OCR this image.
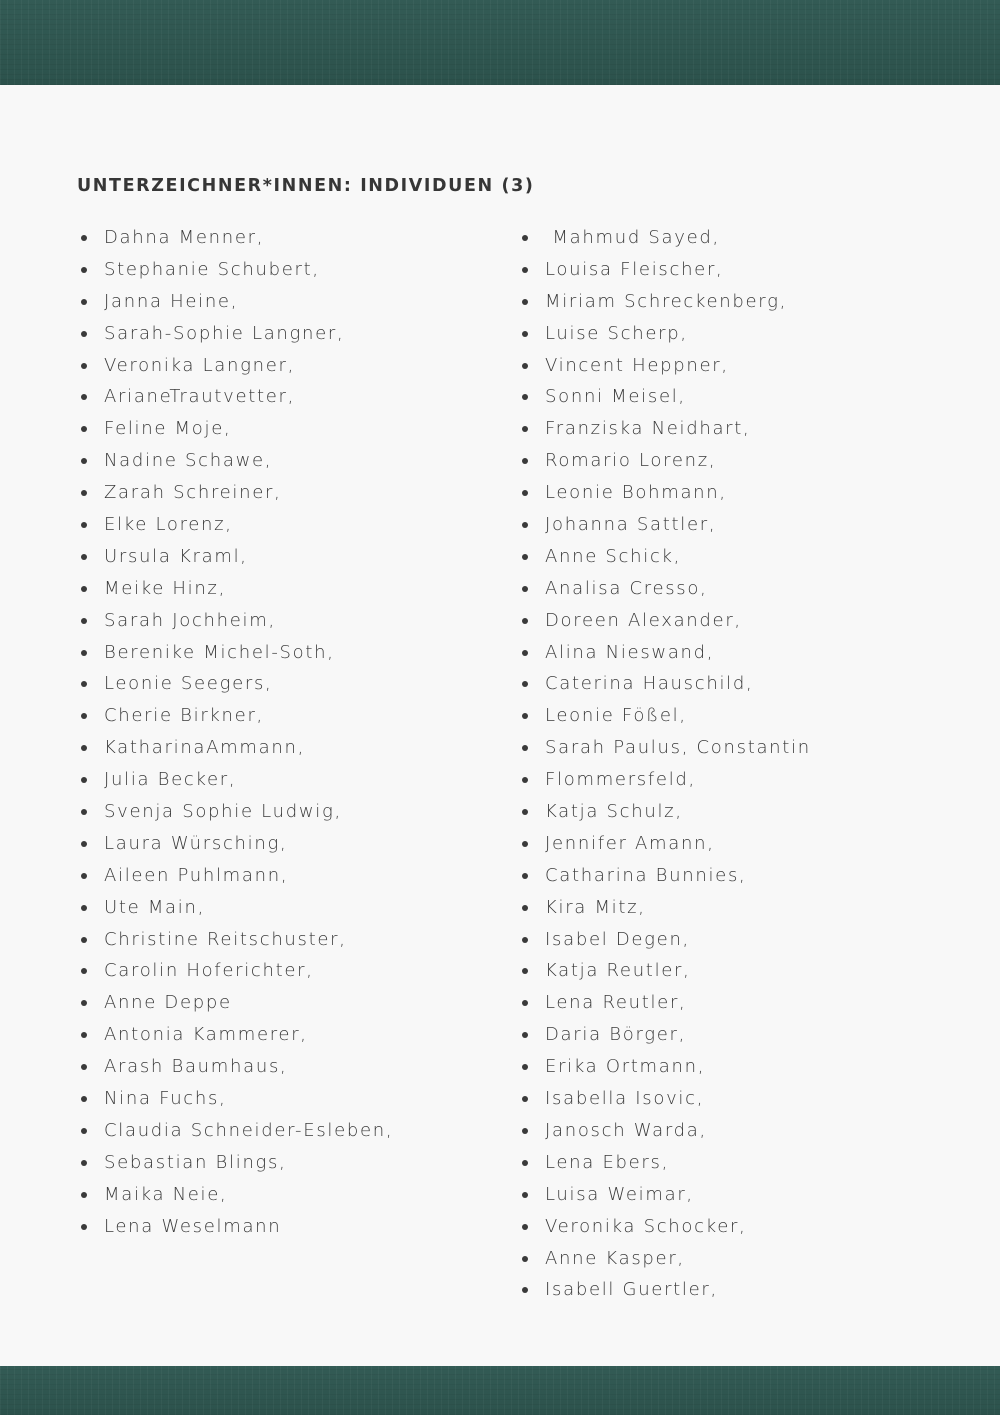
UNTERZEICHNER*INNEN: INDIVIDUEN (3)
Dahna Menner,
Stephanie Schubert,
Janna Heine,
Sarah-Sophie Langner,
Veronika Langner,
ArianeTrautvetter,
Feline Moje,
Nadine Schawe,
Zarah Schreiner,
Elke Lorenz,
Ursula Kraml,
Meike Hinz,
Sarah Jochheim,
Berenike Michel-Soth,
Leonie Seegers,
Cherie Birkner,
KatharinaAmmann,
Julia Becker,
Svenja Sophie Ludwig,
Laura Würsching,
Aileen Puhlmann,
Ute Main,
Christine Reitschuster,
Carolin Hoferichter,
Anne Deppe
Antonia Kammerer,
Arash Baumhaus,
Nina Fuchs,
Claudia Schneider-Esleben,
Sebastian Blings,
Maika Neie,
Lena Weselmann
Mahmud Sayed,
Louisa Fleischer,
Miriam Schreckenberg,
Luise Scherp,
Vincent Heppner,
Sonni Meisel,
Franziska Neidhart,
Romario Lorenz,
Leonie Bohmann,
Johanna Sattler,
Anne Schick,
Analisa Cresso,
Doreen Alexander,
Alina Nieswand,
Caterina Hauschild,
Leonie Fößel,
Sarah Paulus, Constantin
Flommersfeld,
Katja Schulz,
Jennifer Amann,
Catharina Bunnies,
Kira Mitz,
Isabel Degen,
Katja Reutler,
Lena Reutler,
Daria Börger,
Erika Ortmann,
Isabella Isovic,
Janosch Warda,
Lena Ebers,
Luisa Weimar,
Veronika Schocker,
Anne Kasper,
Isabell Guertler,
